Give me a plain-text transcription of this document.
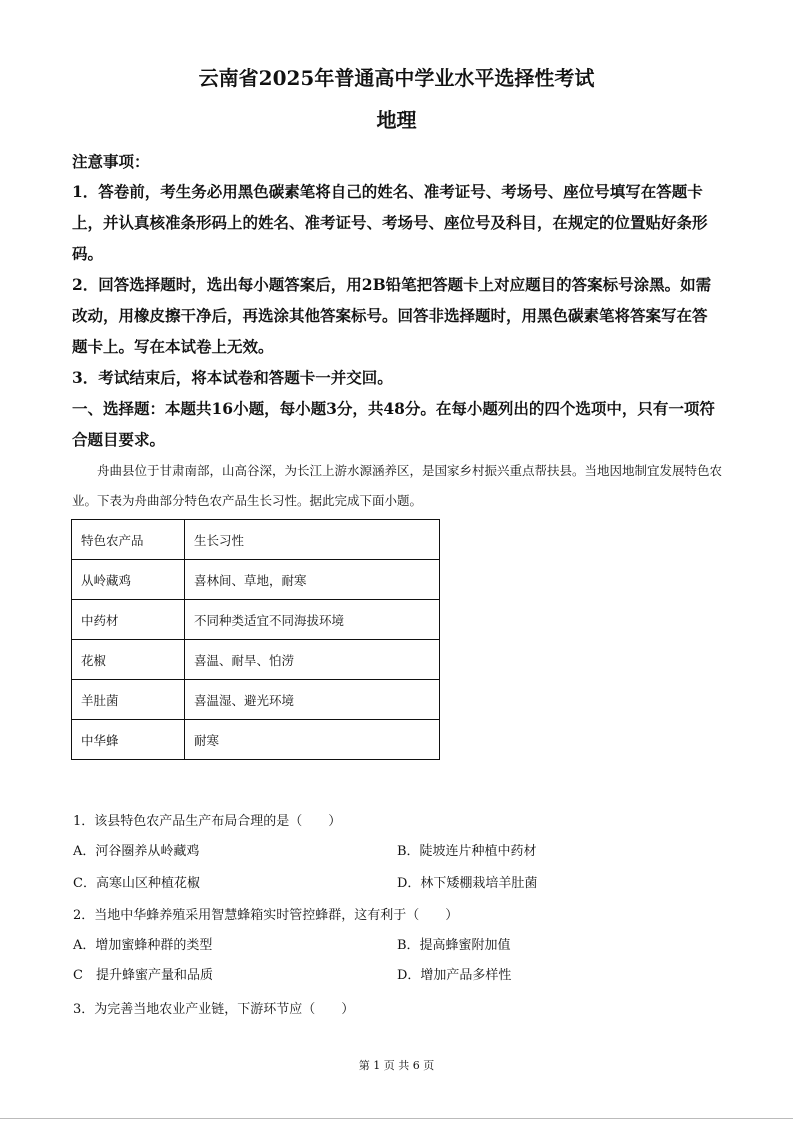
云南省2025年普通高中学业水平选择性考试
地理
注意事项：
1．答卷前，考生务必用黑色碳素笔将自己的姓名、准考证号、考场号、座位号填写在答题卡上，并认真核准条形码上的姓名、准考证号、考场号、座位号及科目，在规定的位置贴好条形码。
2．回答选择题时，选出每小题答案后，用2B铅笔把答题卡上对应题目的答案标号涂黑。如需改动，用橡皮擦干净后，再选涂其他答案标号。回答非选择题时，用黑色碳素笔将答案写在答题卡上。写在本试卷上无效。
3．考试结束后，将本试卷和答题卡一并交回。
一、选择题：本题共16小题，每小题3分，共48分。在每小题列出的四个选项中，只有一项符合题目要求。
舟曲县位于甘肃南部，山高谷深，为长江上游水源涵养区，是国家乡村振兴重点帮扶县。当地因地制宜发展特色农业。下表为舟曲部分特色农产品生长习性。据此完成下面小题。
特色农产品	生长习性
从岭藏鸡	喜林间、草地，耐寒
中药材	不同种类适宜不同海拔环境
花椒	喜温、耐旱、怕涝
羊肚菌	喜温湿、避光环境
中华蜂	耐寒
1．该县特色农产品生产布局合理的是（　　）
A．河谷圈养从岭藏鸡	B．陡坡连片种植中药材
C．高寒山区种植花椒	D．林下矮棚栽培羊肚菌
2．当地中华蜂养殖采用智慧蜂箱实时管控蜂群，这有利于（　　）
A．增加蜜蜂种群的类型	B．提高蜂蜜附加值
C　提升蜂蜜产量和品质	D．增加产品多样性
3．为完善当地农业产业链，下游环节应（　　）
第 1 页 共 6 页
